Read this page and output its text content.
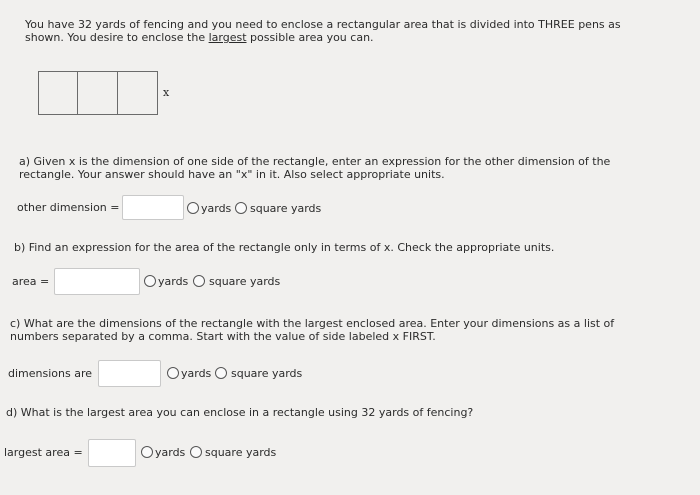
You have 32 yards of fencing and you need to enclose a rectangular area that is divided into THREE pens as
shown. You desire to enclose the largest possible area you can.
x
a) Given x is the dimension of one side of the rectangle, enter an expression for the other dimension of the
rectangle. Your answer should have an "x" in it. Also select appropriate units.
other dimension =	yards square yards
b) Find an expression for the area of the rectangle only in terms of x. Check the appropriate units.
area =	yards square yards
c) What are the dimensions of the rectangle with the largest enclosed area. Enter your dimensions as a list of
numbers separated by a comma. Start with the value of side labeled x FIRST.
dimensions are	yards square yards
d) What is the largest area you can enclose in a rectangle using 32 yards of fencing?
largest area =	yards square yards
